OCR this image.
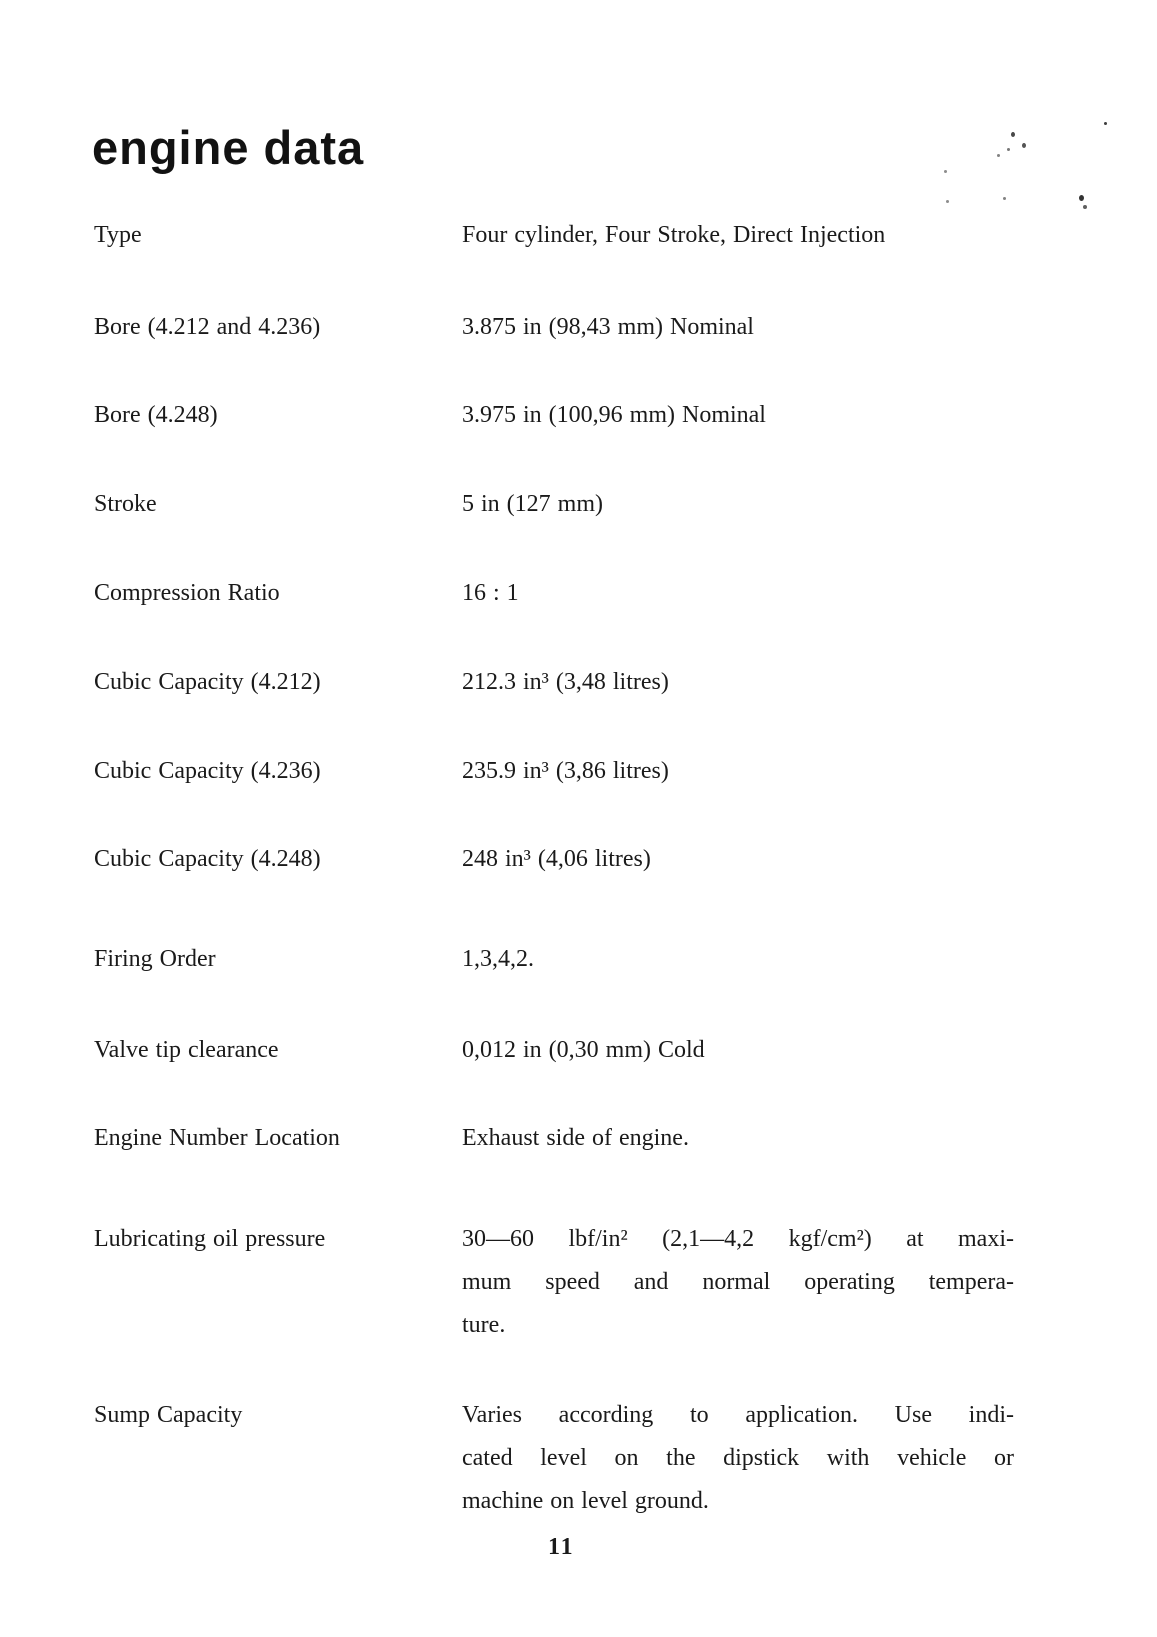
engine data
Type	Four cylinder, Four Stroke, Direct Injection
Bore (4.212 and 4.236)	3.875 in (98,43 mm) Nominal
Bore (4.248)	3.975 in (100,96 mm) Nominal
Stroke	5 in (127 mm)
Compression Ratio	16 : 1
Cubic Capacity (4.212)	212.3 in³ (3,48 litres)
Cubic Capacity (4.236)	235.9 in³ (3,86 litres)
Cubic Capacity (4.248)	248 in³ (4,06 litres)
Firing Order	1,3,4,2.
Valve tip clearance	0,012 in (0,30 mm) Cold
Engine Number Location	Exhaust side of engine.
Lubricating oil pressure	30—60 lbf/in² (2,1—4,2 kgf/cm²) at maxi-
mum speed and normal operating tempera-
ture.
Sump Capacity	Varies according to application. Use indi-
cated level on the dipstick with vehicle or
machine on level ground.
11
